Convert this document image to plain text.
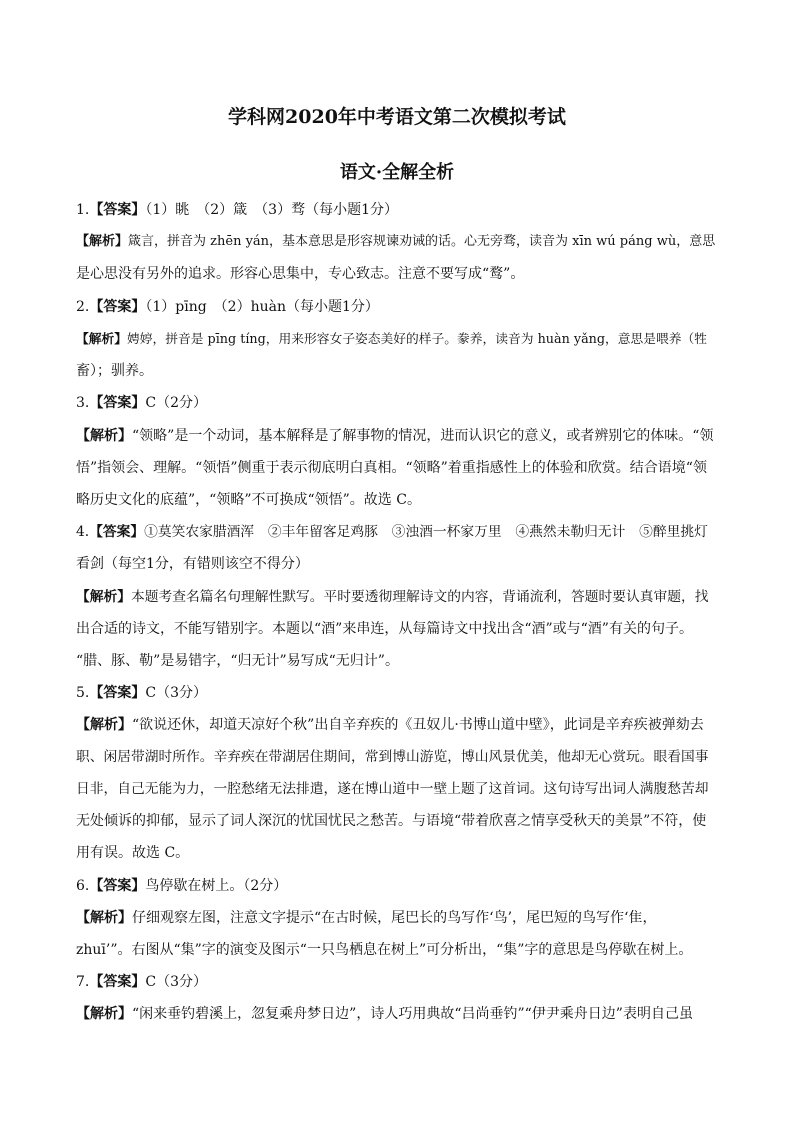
学科网2020年中考语文第二次模拟考试
语文·全解全析
1.【答案】（1）眺　（2）箴　（3）骛（每小题1分）
【解析】箴言，拼音为 zhēn yán，基本意思是形容规谏劝诫的话。心无旁骛，读音为 xīn wú páng wù，意思
是心思没有另外的追求。形容心思集中，专心致志。注意不要写成“鹜”。
2.【答案】（1）pīng　（2）huàn（每小题1分）
【解析】娉婷，拼音是 pīng tíng，用来形容女子姿态美好的样子。豢养，读音为 huàn yǎng，意思是喂养（牲
畜）；驯养。
3.【答案】C（2分）
【解析】“领略”是一个动词，基本解释是了解事物的情况，进而认识它的意义，或者辨别它的体味。“领
悟”指领会、理解。“领悟”侧重于表示彻底明白真相。“领略”着重指感性上的体验和欣赏。结合语境“领
略历史文化的底蕴”，“领略”不可换成“领悟”。故选 C。
4.【答案】①莫笑农家腊酒浑　②丰年留客足鸡豚　③浊酒一杯家万里　④燕然未勒归无计　⑤醉里挑灯
看剑（每空1分，有错则该空不得分）
【解析】本题考查名篇名句理解性默写。平时要透彻理解诗文的内容，背诵流利，答题时要认真审题，找
出合适的诗文，不能写错别字。本题以“酒”来串连，从每篇诗文中找出含“酒”或与“酒”有关的句子。
“腊、豚、勒”是易错字，“归无计”易写成“无归计”。
5.【答案】C（3分）
【解析】“欲说还休，却道天凉好个秋”出自辛弃疾的《丑奴儿·书博山道中壁》，此词是辛弃疾被弹劾去
职、闲居带湖时所作。辛弃疾在带湖居住期间，常到博山游览，博山风景优美，他却无心赏玩。眼看国事
日非，自己无能为力，一腔愁绪无法排遣，遂在博山道中一壁上题了这首词。这句诗写出词人满腹愁苦却
无处倾诉的抑郁，显示了词人深沉的忧国忧民之愁苦。与语境“带着欣喜之情享受秋天的美景”不符，使
用有误。故选 C。
6.【答案】鸟停歇在树上。（2分）
【解析】仔细观察左图，注意文字提示“在古时候，尾巴长的鸟写作‘鸟’，尾巴短的鸟写作‘隹，
zhuī’”。右图从“集”字的演变及图示“一只鸟栖息在树上”可分析出，“集”字的意思是鸟停歇在树上。
7.【答案】C（3分）
【解析】“闲来垂钓碧溪上，忽复乘舟梦日边”，诗人巧用典故“吕尚垂钓”“伊尹乘舟日边”表明自己虽
